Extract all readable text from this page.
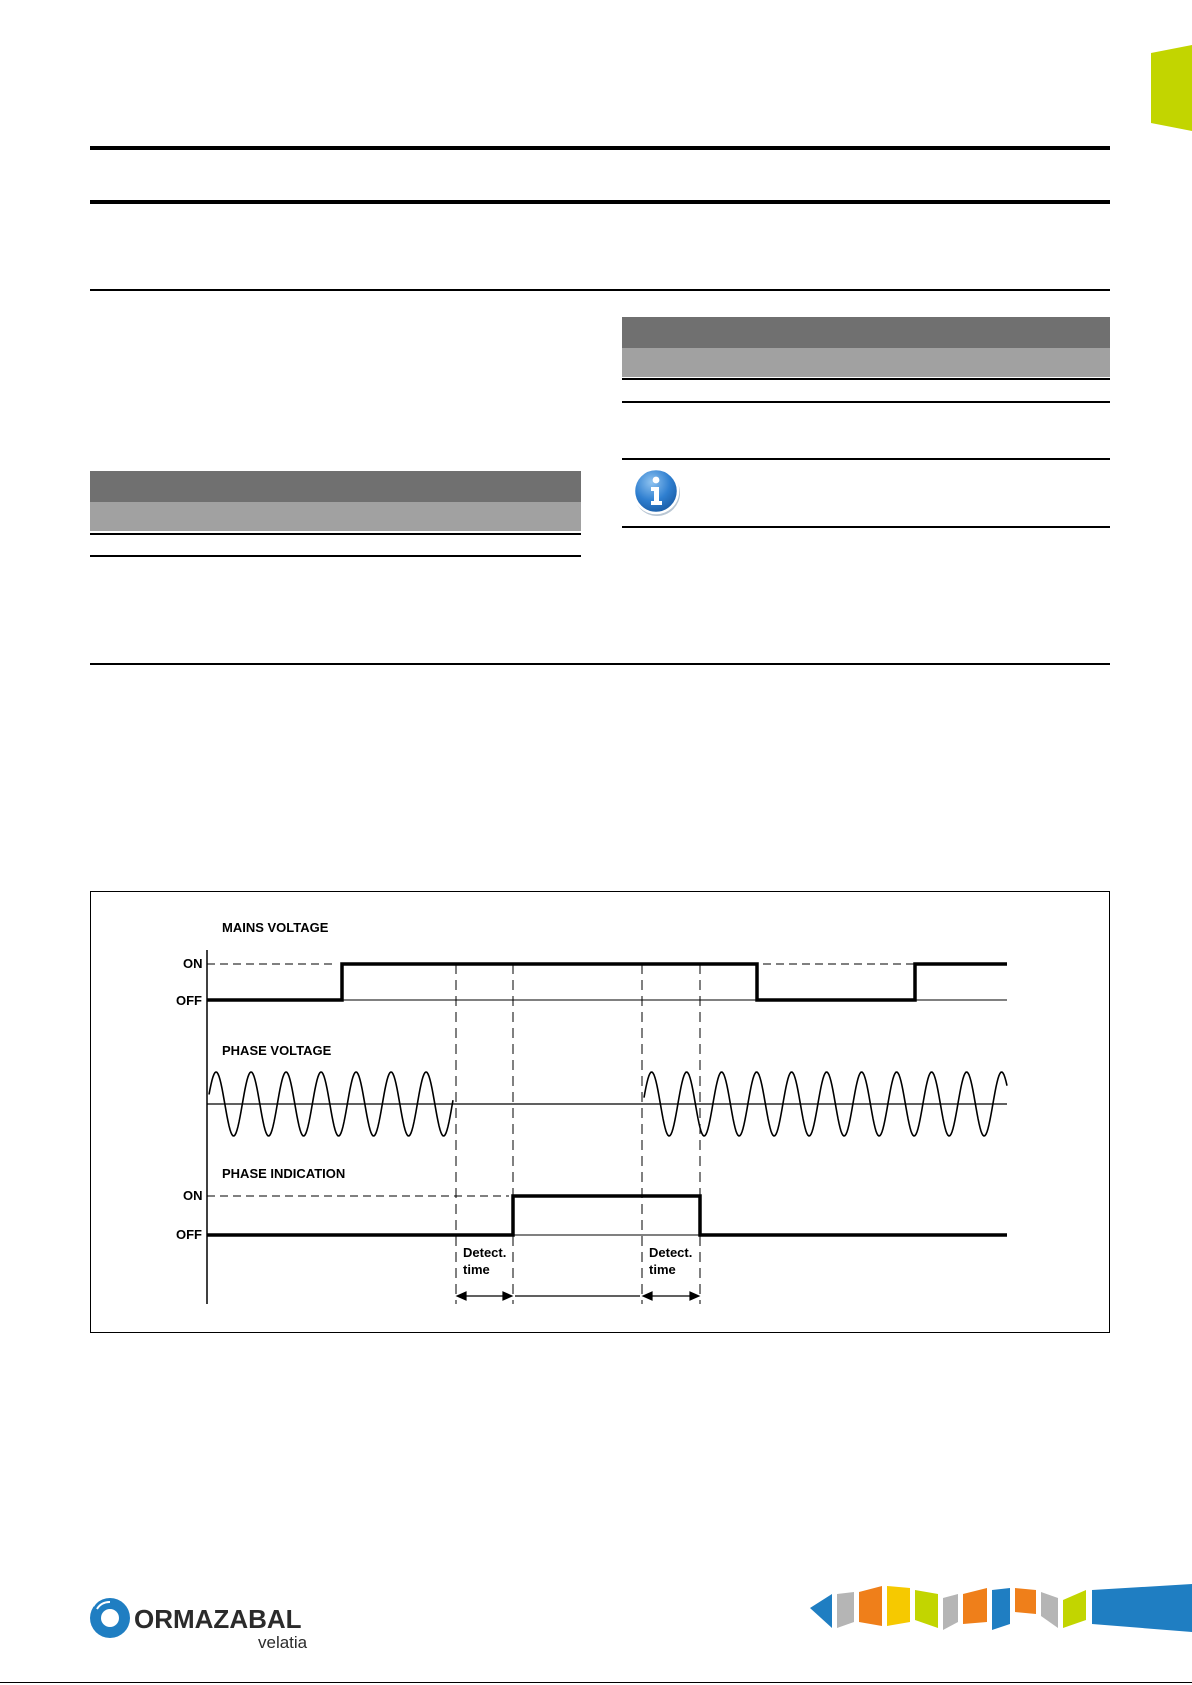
MAINS VOLTAGE
PHASE VOLTAGE
PHASE INDICATION
ON
OFF
ON
OFF
Detect.
time
Detect.
time
ORMAZABAL
velatia
